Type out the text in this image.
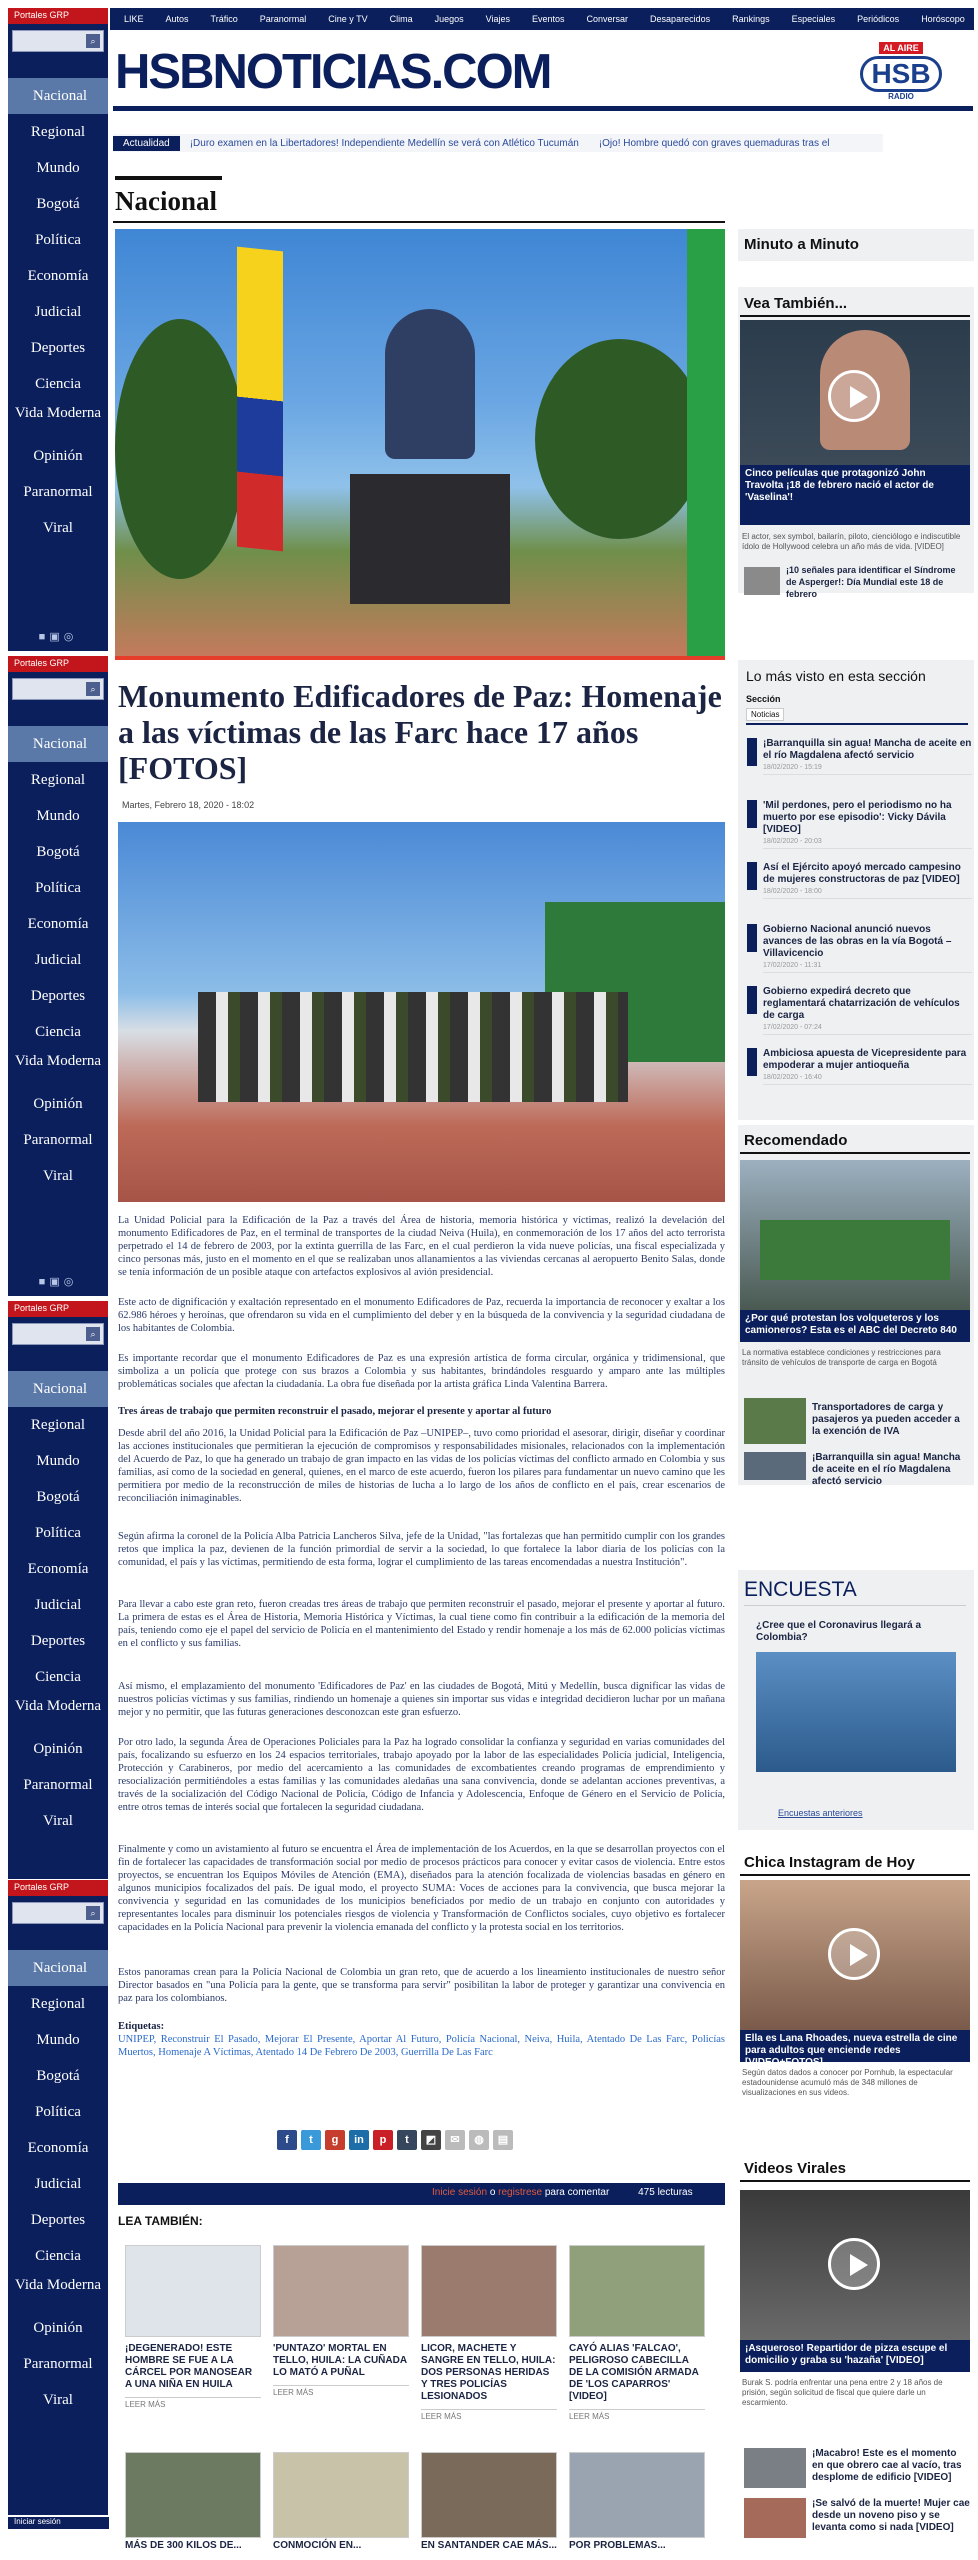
Portales GRP
⌕
Nacional
Regional
Mundo
Bogotá
Política
Economía
Judicial
Deportes
Ciencia
Vida Moderna
Opinión
Paranormal
Viral
■▣◎
Portales GRP
⌕
Nacional
Regional
Mundo
Bogotá
Política
Economía
Judicial
Deportes
Ciencia
Vida Moderna
Opinión
Paranormal
Viral
■▣◎
Portales GRP
⌕
Nacional
Regional
Mundo
Bogotá
Política
Economía
Judicial
Deportes
Ciencia
Vida Moderna
Opinión
Paranormal
Viral
Portales GRP
⌕
Nacional
Regional
Mundo
Bogotá
Política
Economía
Judicial
Deportes
Ciencia
Vida Moderna
Opinión
Paranormal
Viral
Iniciar sesión
LIKE Autos Tráfico Paranormal Cine y TV Clima Juegos Viajes Eventos Conversar Desaparecidos Rankings Especiales Periódicos Horóscopo
HSBNOTICIAS.COM	AL AIRE
HSB
RADIO
Actualidad	¡Duro examen en la Libertadores! Independiente Medellín se verá con Atlético Tucumán ¡Ojo! Hombre quedó con graves quemaduras tras el
Nacional
Minuto a Minuto
Vea También...
Cinco películas que protagonizó John Travolta ¡18 de febrero nació el actor de 'Vaselina'!
El actor, sex symbol, bailarín, piloto, cienciólogo e indiscutible ídolo de Hollywood celebra un año más de vida. [VIDEO]
¡10 señales para identificar el Síndrome de Asperger!: Día Mundial este 18 de febrero
Monumento Edificadores de Paz: Homenaje a las víctimas de las Farc hace 17 años [FOTOS]
Martes, Febrero 18, 2020 - 18:02
La Unidad Policial para la Edificación de la Paz a través del Área de historia, memoria histórica y víctimas, realizó la develación del monumento Edificadores de Paz, en el terminal de transportes de la ciudad Neiva (Huila), en conmemoración de los 17 años del acto terrorista perpetrado el 14 de febrero de 2003, por la extinta guerrilla de las Farc, en el cual perdieron la vida nueve policías, una fiscal especializada y cinco personas más, justo en el momento en el que se realizaban unos allanamientos a las viviendas cercanas al aeropuerto Benito Salas, donde se tenía información de un posible ataque con artefactos explosivos al avión presidencial.
Este acto de dignificación y exaltación representado en el monumento Edificadores de Paz, recuerda la importancia de reconocer y exaltar a los 62.986 héroes y heroínas, que ofrendaron su vida en el cumplimiento del deber y en la búsqueda de la convivencia y la seguridad ciudadana de los habitantes de Colombia.
Es importante recordar que el monumento Edificadores de Paz es una expresión artística de forma circular, orgánica y tridimensional, que simboliza a un policía que protege con sus brazos a Colombia y sus habitantes, brindándoles resguardo y amparo ante las múltiples problemáticas sociales que afectan la ciudadanía. La obra fue diseñada por la artista gráfica Linda Valentina Barrera.
Tres áreas de trabajo que permiten reconstruir el pasado, mejorar el presente y aportar al futuro
Desde abril del año 2016, la Unidad Policial para la Edificación de Paz –UNIPEP–, tuvo como prioridad el asesorar, dirigir, diseñar y coordinar las acciones institucionales que permitieran la ejecución de compromisos y responsabilidades misionales, relacionados con la implementación del Acuerdo de Paz, lo que ha generado un trabajo de gran impacto en las vidas de los policías víctimas del conflicto armado en Colombia y sus familias, así como de la sociedad en general, quienes, en el marco de este acuerdo, fueron los pilares para fundamentar un nuevo camino que les permitiera por medio de la reconstrucción de miles de historias de lucha a lo largo de los años de conflicto en el país, crear escenarios de reconciliación inimaginables.
Según afirma la coronel de la Policía Alba Patricia Lancheros Silva, jefe de la Unidad, "las fortalezas que han permitido cumplir con los grandes retos que implica la paz, devienen de la función primordial de servir a la sociedad, lo que fortalece la labor diaria de los policías con la comunidad, el país y las víctimas, permitiendo de esta forma, lograr el cumplimiento de las tareas encomendadas a nuestra Institución".
Para llevar a cabo este gran reto, fueron creadas tres áreas de trabajo que permiten reconstruir el pasado, mejorar el presente y aportar al futuro. La primera de estas es el Área de Historia, Memoria Histórica y Víctimas, la cual tiene como fin contribuir a la edificación de la memoria del país, teniendo como eje el papel del servicio de Policía en el mantenimiento del Estado y rendir homenaje a los más de 62.000 policías víctimas en el conflicto y sus familias.
Así mismo, el emplazamiento del monumento 'Edificadores de Paz' en las ciudades de Bogotá, Mitú y Medellín, busca dignificar las vidas de nuestros policías víctimas y sus familias, rindiendo un homenaje a quienes sin importar sus vidas e integridad decidieron luchar por un mañana mejor y no permitir, que las futuras generaciones desconozcan este gran esfuerzo.
Por otro lado, la segunda Área de Operaciones Policiales para la Paz ha logrado consolidar la confianza y seguridad en varias comunidades del país, focalizando su esfuerzo en los 24 espacios territoriales, trabajo apoyado por la labor de las especialidades Policía judicial, Inteligencia, Protección y Carabineros, por medio del acercamiento a las comunidades de excombatientes creando programas de emprendimiento y resocialización permitiéndoles a estas familias y las comunidades aledañas una sana convivencia, donde se adelantan acciones preventivas, a través de la socialización del Código Nacional de Policía, Código de Infancia y Adolescencia, Enfoque de Género en el Servicio de Policía, entre otros temas de interés social que fortalecen la seguridad ciudadana.
Finalmente y como un avistamiento al futuro se encuentra el Área de implementación de los Acuerdos, en la que se desarrollan proyectos con el fin de fortalecer las capacidades de transformación social por medio de procesos prácticos para conocer y evitar casos de violencia. Entre estos proyectos, se encuentran los Equipos Móviles de Atención (EMA), diseñados para la atención focalizada de violencias basadas en género en algunos municipios focalizados del país. De igual modo, el proyecto SUMA: Voces de acciones para la convivencia, que busca mejorar la convivencia y seguridad en las comunidades de los municipios beneficiados por medio de un trabajo en conjunto con autoridades y representantes locales para disminuir los potenciales riesgos de violencia y Transformación de Conflictos sociales, cuyo objetivo es fortalecer capacidades en la Policía Nacional para prevenir la violencia emanada del conflicto y la protesta social en los territorios.
Estos panoramas crean para la Policía Nacional de Colombia un gran reto, que de acuerdo a los lineamiento institucionales de nuestro señor Director basados en "una Policía para la gente, que se transforma para servir" posibilitan la labor de proteger y garantizar una convivencia en paz para los colombianos.
Etiquetas:
UNIPEP, Reconstruir El Pasado, Mejorar El Presente, Aportar Al Futuro, Policía Nacional, Neiva, Huila, Atentado De Las Farc, Policías Muertos, Homenaje A Víctimas, Atentado 14 De Febrero De 2003, Guerrilla De Las Farc
f	t	g	in	p	t	◩	✉	◍	▤
Inicie sesión o registrese para comentar	475 lecturas
LEA TAMBIÉN:
¡DEGENERADO! ESTE HOMBRE SE FUE A LA CÁRCEL POR MANOSEAR A UNA NIÑA EN HUILA
LEER MÁS
'PUNTAZO' MORTAL EN TELLO, HUILA: LA CUÑADA LO MATÓ A PUÑAL
LEER MÁS
LICOR, MACHETE Y SANGRE EN TELLO, HUILA: DOS PERSONAS HERIDAS Y TRES POLICÍAS LESIONADOS
LEER MÁS
CAYÓ ALIAS 'FALCAO', PELIGROSO CABECILLA DE LA COMISIÓN ARMADA DE 'LOS CAPARROS' [VIDEO]
LEER MÁS
MÁS DE 300 KILOS DE...	CONMOCIÓN EN...	EN SANTANDER CAE MÁS... POR PROBLEMAS...
Lo más visto en esta sección
Sección
Noticias
¡Barranquilla sin agua! Mancha de aceite en el río Magdalena afectó servicio
18/02/2020 - 15:19
'Mil perdones, pero el periodismo no ha muerto por ese episodio': Vicky Dávila [VIDEO]
18/02/2020 - 20:03
Así el Ejército apoyó mercado campesino de mujeres constructoras de paz [VIDEO]
18/02/2020 - 18:00
Gobierno Nacional anunció nuevos avances de las obras en la vía Bogotá – Villavicencio
17/02/2020 - 11:31
Gobierno expedirá decreto que reglamentará chatarrización de vehículos de carga
17/02/2020 - 07:24
Ambiciosa apuesta de Vicepresidente para empoderar a mujer antioqueña
18/02/2020 - 16:40
Recomendado
¿Por qué protestan los volqueteros y los camioneros? Esta es el ABC del Decreto 840
La normativa establece condiciones y restricciones para tránsito de vehículos de transporte de carga en Bogotá
Transportadores de carga y pasajeros ya pueden acceder a la exención de IVA
¡Barranquilla sin agua! Mancha de aceite en el río Magdalena afectó servicio
ENCUESTA
¿Cree que el Coronavirus llegará a Colombia?
Encuestas anteriores
Chica Instagram de Hoy
Ella es Lana Rhoades, nueva estrella de cine para adultos que enciende redes [VIDEO+FOTOS]
Según datos dados a conocer por Pornhub, la espectacular estadounidense acumuló más de 348 millones de visualizaciones en sus videos.
Videos Virales
¡Asqueroso! Repartidor de pizza escupe el domicilio y graba su 'hazaña' [VIDEO]
Burak S. podría enfrentar una pena entre 2 y 18 años de prisión, según solicitud de fiscal que quiere darle un escarmiento.
¡Macabro! Este es el momento en que obrero cae al vacío, tras desplome de edificio [VIDEO]
¡Se salvó de la muerte! Mujer cae desde un noveno piso y se levanta como si nada [VIDEO]
